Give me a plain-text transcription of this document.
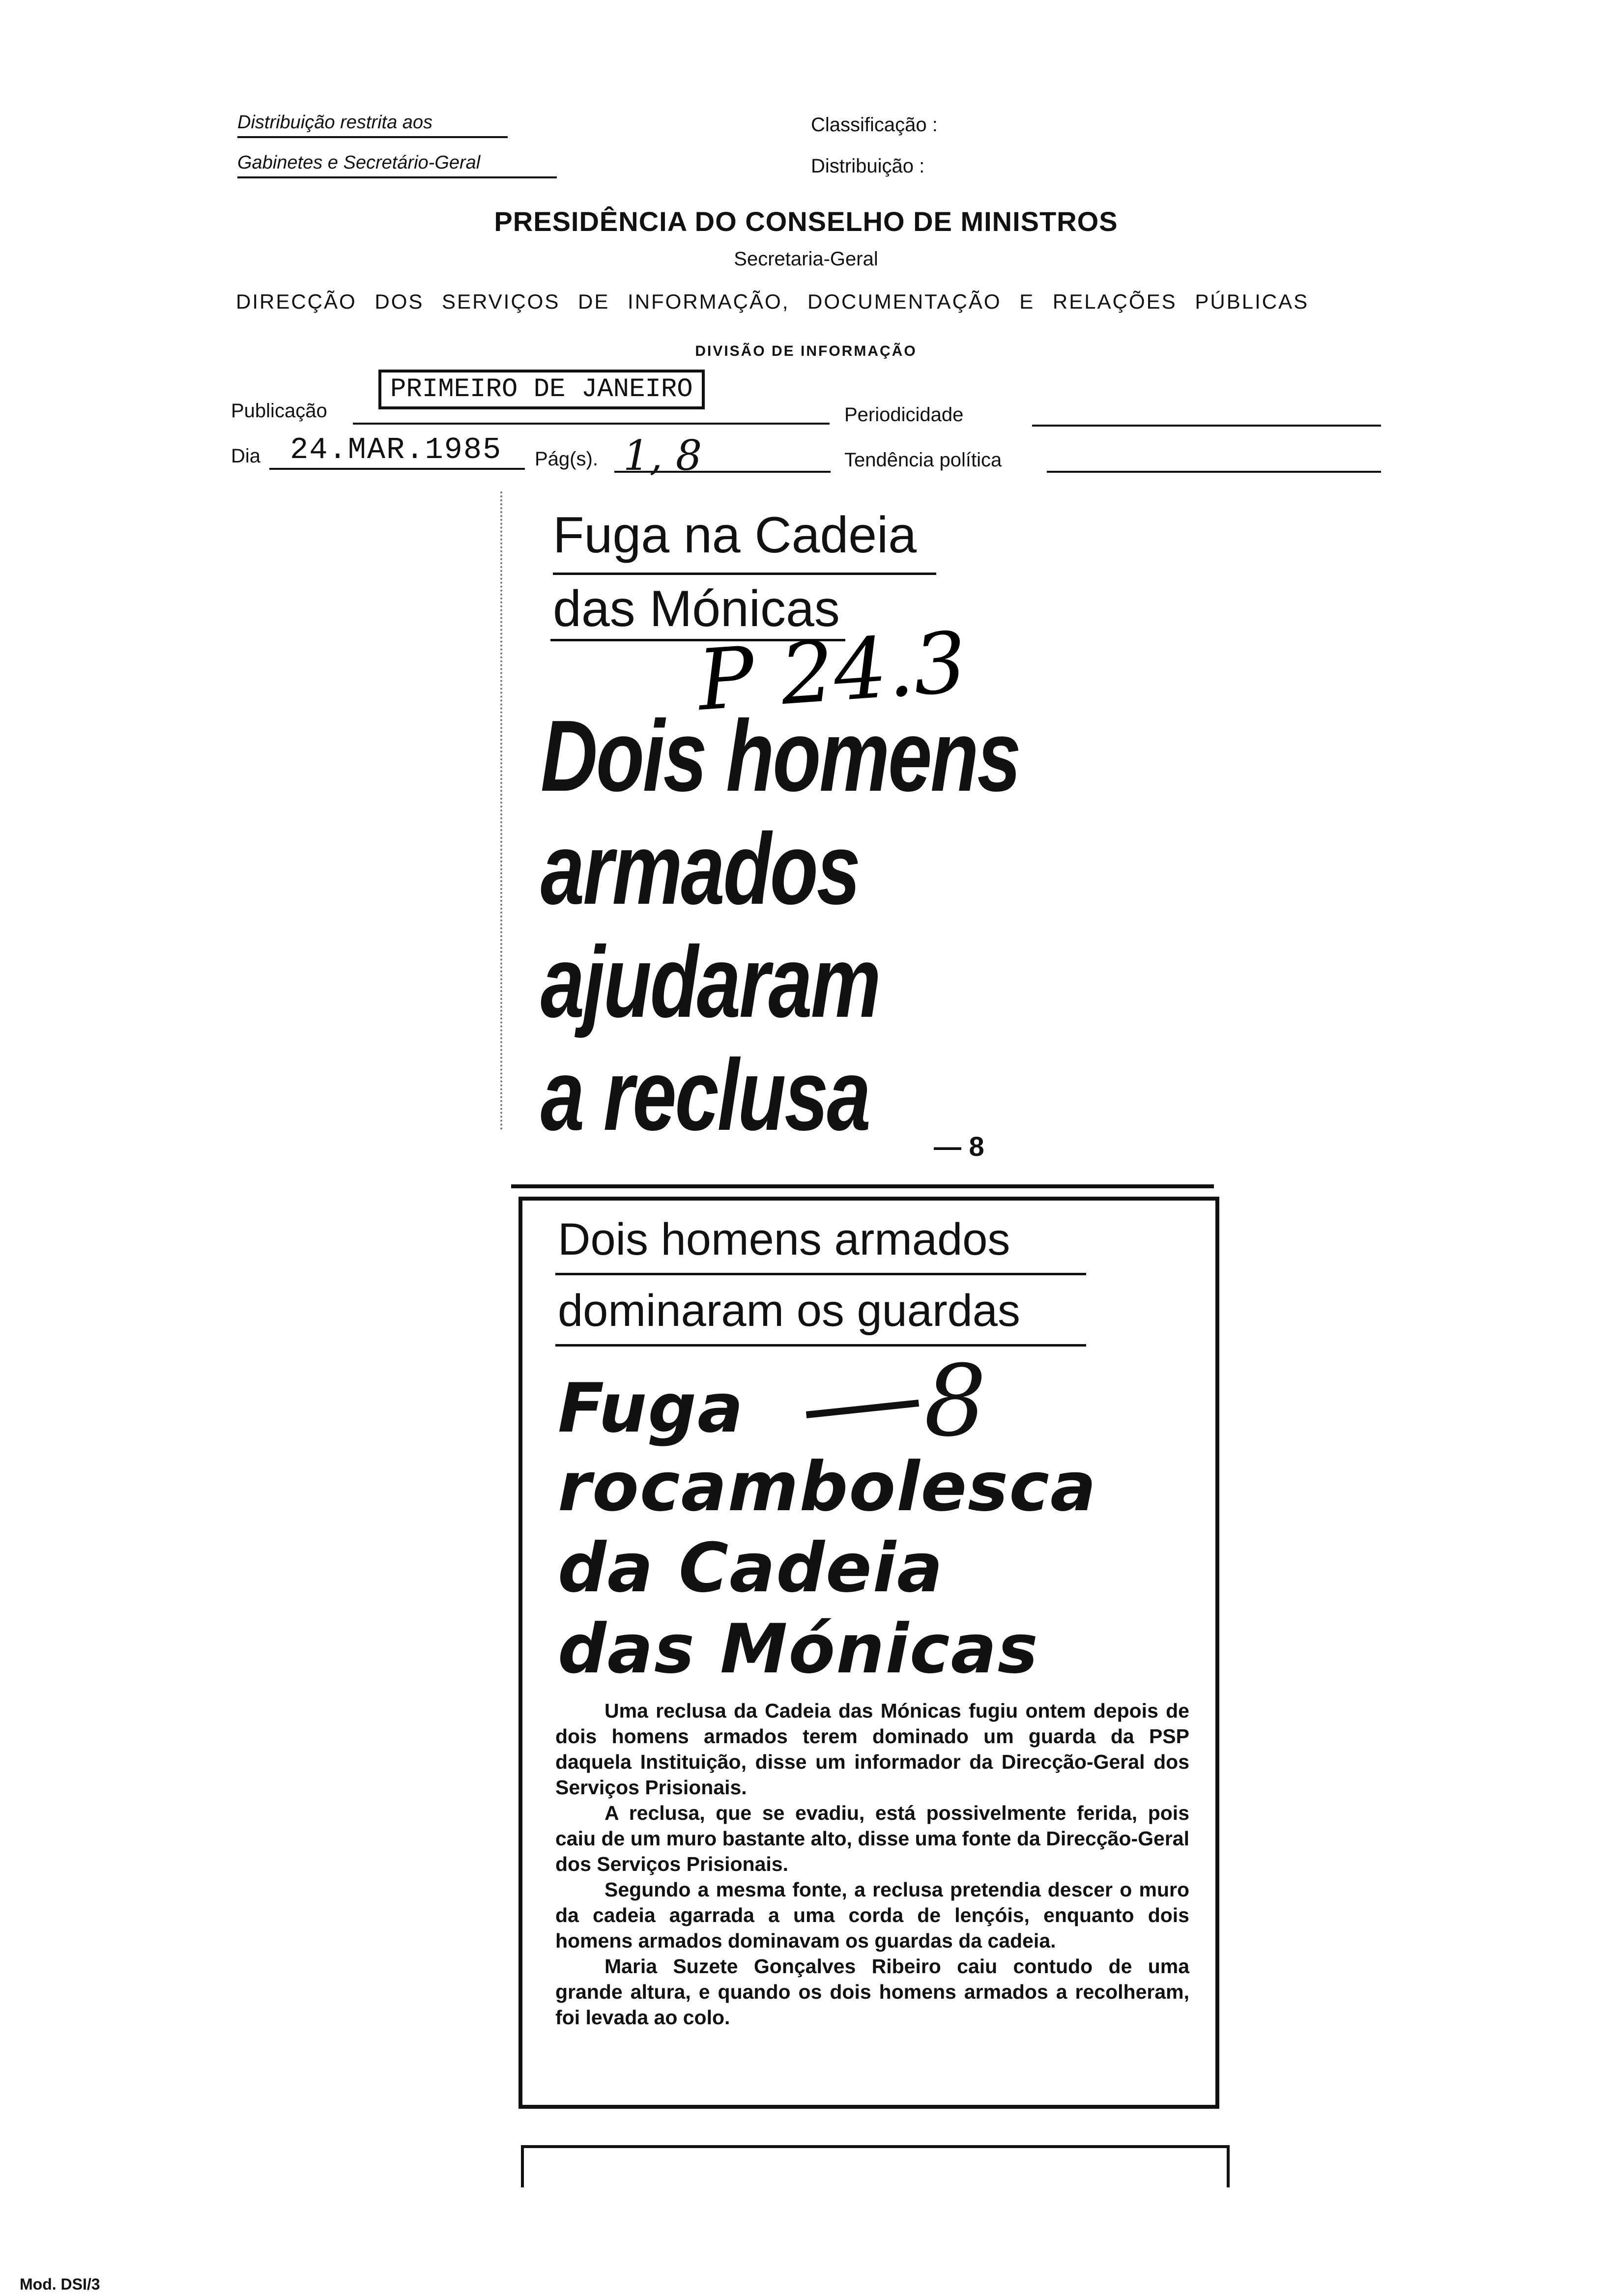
Distribuição restrita aos
Gabinetes e Secretário-Geral
Classificação :
Distribuição :
PRESIDÊNCIA DO CONSELHO DE MINISTROS
Secretaria-Geral
DIRECÇÃO DOS SERVIÇOS DE INFORMAÇÃO, DOCUMENTAÇÃO E RELAÇÕES PÚBLICAS
DIVISÃO DE INFORMAÇÃO
Publicação
PRIMEIRO DE JANEIRO
Periodicidade
Dia 24.MAR.1985 Pág(s). 1, 8	Tendência política
Fuga na Cadeia
das Mónicas
P 24.3
Dois homens
armados
ajudaram
a reclusa — 8
Dois homens armados
dominaram os guardas
Fuga 8
rocambolesca
da Cadeia
das Mónicas

Uma reclusa da Cadeia das Mónicas fugiu ontem depois de dois homens armados terem dominado um guarda da PSP daquela Instituição, disse um informador da Direcção-Geral dos Serviços Prisionais.

A reclusa, que se evadiu, está possivelmente ferida, pois caiu de um muro bastante alto, disse uma fonte da Direcção-Geral dos Serviços Prisionais.

Segundo a mesma fonte, a reclusa pretendia descer o muro da cadeia agarrada a uma corda de lençóis, enquanto dois homens armados dominavam os guardas da cadeia.

Maria Suzete Gonçalves Ribeiro caiu contudo de uma grande altura, e quando os dois homens armados a recolheram, foi levada ao colo.

Mod. DSI/3
